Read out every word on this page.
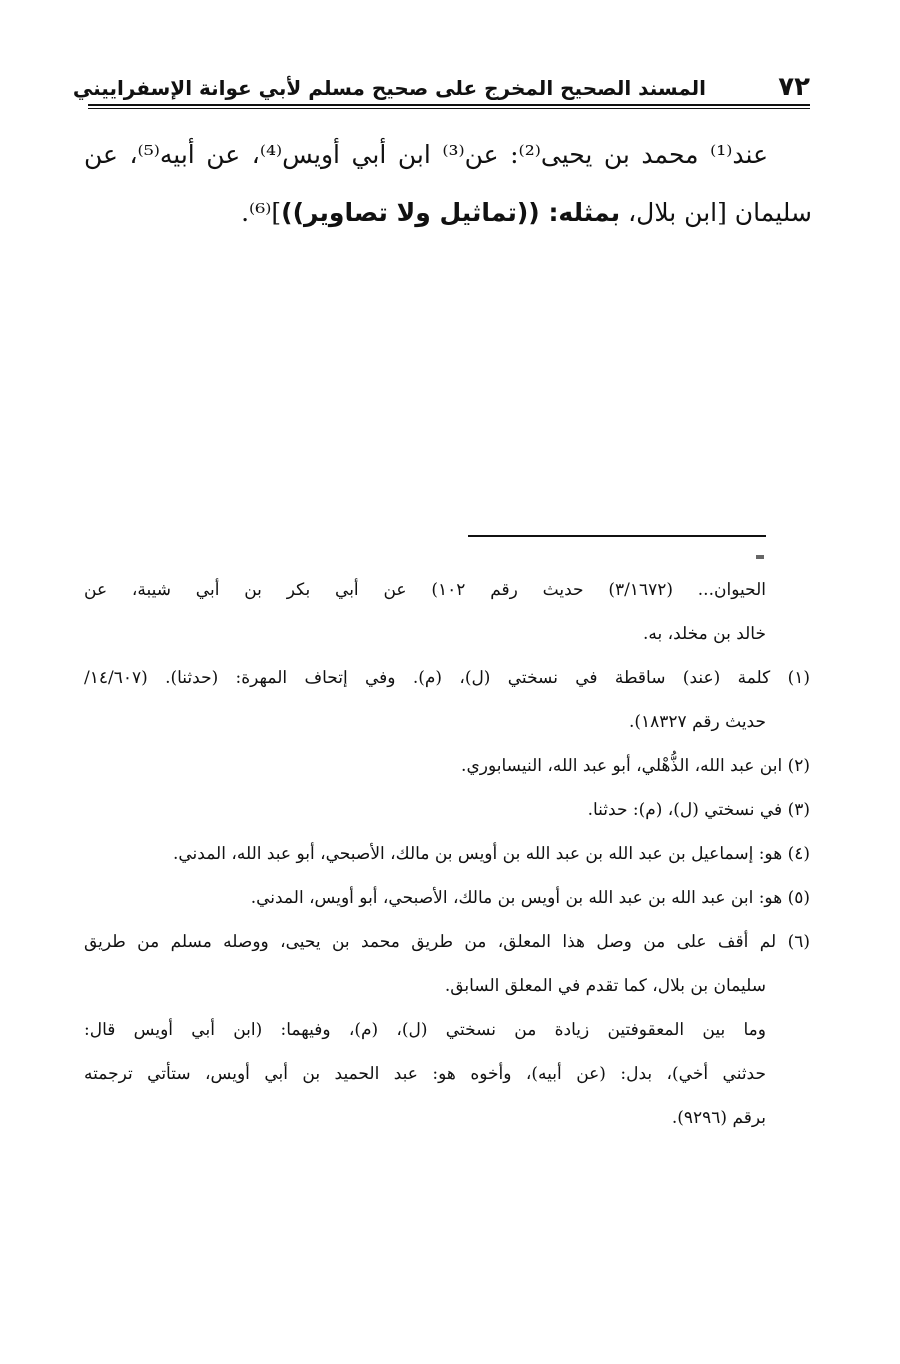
٧٢
المسند الصحيح المخرج على صحيح مسلم لأبي عوانة الإسفراييني
عند⁽¹⁾ محمد بن يحيى⁽²⁾: عن⁽³⁾ ابن أبي أويس⁽⁴⁾، عن أبيه⁽⁵⁾، عن
سليمان [ابن بلال، بمثله: ((تماثيل ولا تصاوير))]⁽⁶⁾.
الحيوان... (٣/١٦٧٢) حديث رقم ١٠٢) عن أبي بكر بن أبي شيبة، عن
خالد بن مخلد، به.
(١) كلمة (عند) ساقطة في نسختي (ل)، (م). وفي إتحاف المهرة: (حدثنا). (١٤/٦٠٧/
حديث رقم ١٨٣٢٧).
(٢) ابن عبد الله، الذُّهْلي، أبو عبد الله، النيسابوري.
(٣) في نسختي (ل)، (م): حدثنا.
(٤) هو: إسماعيل بن عبد الله بن عبد الله بن أويس بن مالك، الأصبحي، أبو عبد الله، المدني.
(٥) هو: ابن عبد الله بن عبد الله بن أويس بن مالك، الأصبحي، أبو أويس، المدني.
(٦) لم أقف على من وصل هذا المعلق، من طريق محمد بن يحيى، ووصله مسلم من طريق
سليمان بن بلال، كما تقدم في المعلق السابق.
وما بين المعقوفتين زيادة من نسختي (ل)، (م)، وفيهما: (ابن أبي أويس قال:
حدثني أخي)، بدل: (عن أبيه)، وأخوه هو: عبد الحميد بن أبي أويس، ستأتي ترجمته
برقم (٩٢٩٦).
